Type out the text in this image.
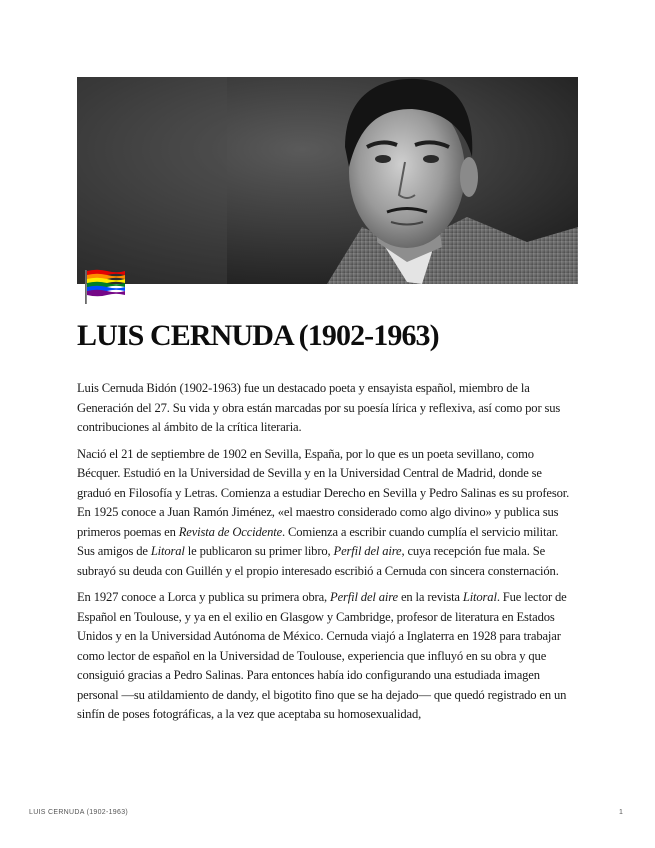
LUIS CERNUDA (1902-1963)

Luis Cernuda Bidón (1902-1963) fue un destacado poeta y ensayista español, miembro de la Generación del 27. Su vida y obra están marcadas por su poesía lírica y reflexiva, así como por sus contribuciones al ámbito de la crítica literaria.

Nació el 21 de septiembre de 1902 en Sevilla, España, por lo que es un poeta sevillano, como Bécquer. Estudió en la Universidad de Sevilla y en la Universidad Central de Madrid, donde se graduó en Filosofía y Letras. Comienza a estudiar Derecho en Sevilla y Pedro Salinas es su profesor. En 1925 conoce a Juan Ramón Jiménez, «el maestro considerado como algo divino» y publica sus primeros poemas en Revista de Occidente. Comienza a escribir cuando cumplía el servicio militar. Sus amigos de Litoral le publicaron su primer libro, Perfil del aire, cuya recepción fue mala. Se subrayó su deuda con Guillén y el propio interesado escribió a Cernuda con sincera consternación.

En 1927 conoce a Lorca y publica su primera obra, Perfil del aire en la revista Litoral. Fue lector de Español en Toulouse, y ya en el exilio en Glasgow y Cambridge, profesor de literatura en Estados Unidos y en la Universidad Autónoma de México. Cernuda viajó a Inglaterra en 1928 para trabajar como lector de español en la Universidad de Toulouse, experiencia que influyó en su obra y que consiguió gracias a Pedro Salinas. Para entonces había ido configurando una estudiada imagen personal —su atildamiento de dandy, el bigotito fino que se ha dejado— que quedó registrado en un sinfín de poses fotográficas, a la vez que aceptaba su homosexualidad,

LUIS CERNUDA (1902-1963)	1
